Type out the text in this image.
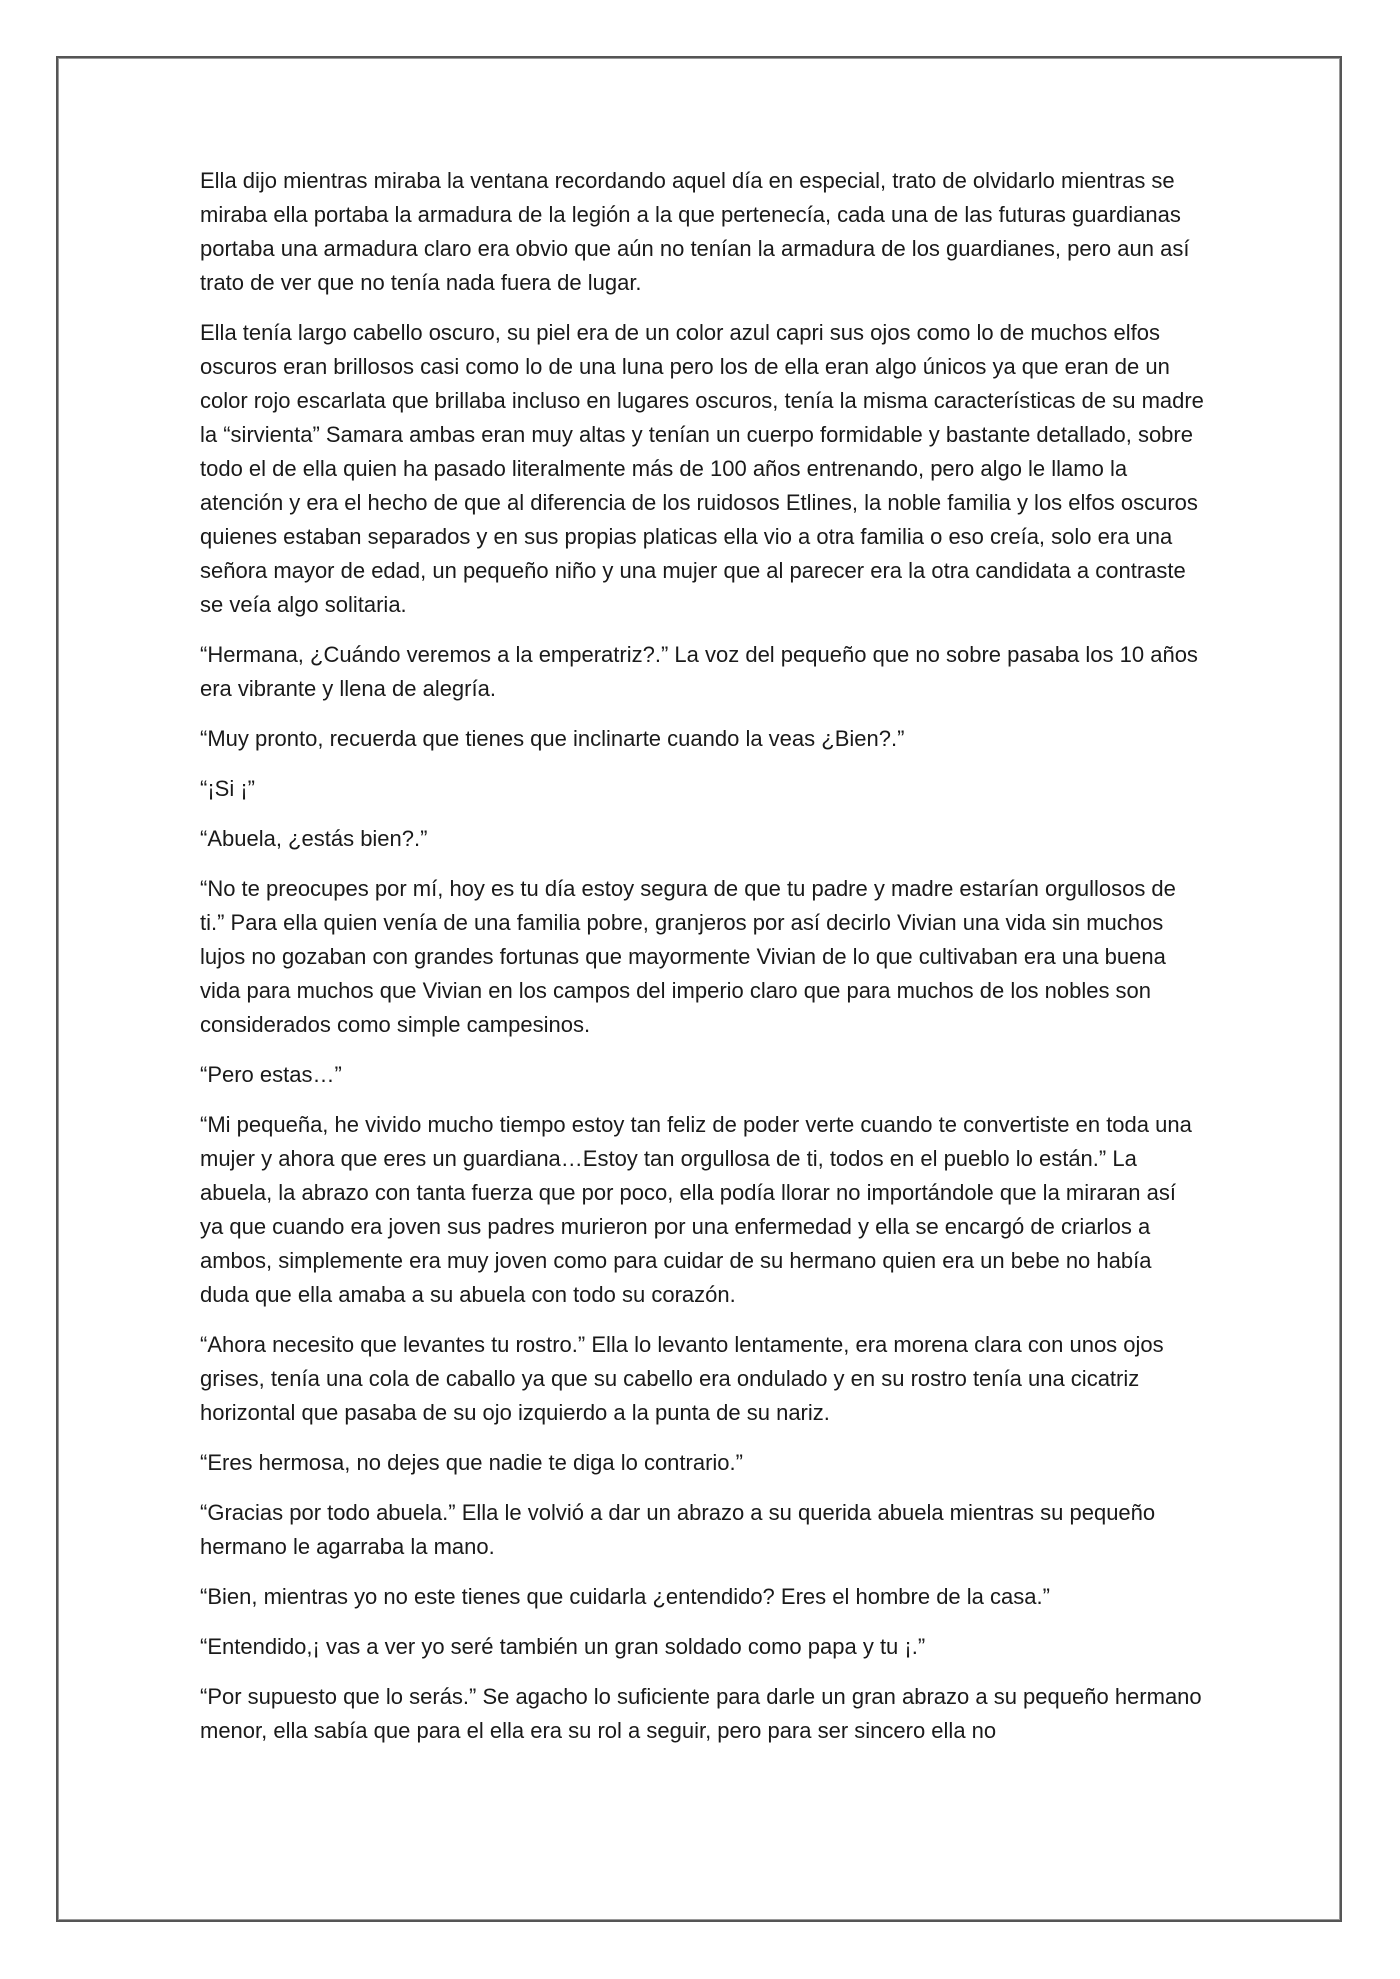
Ella dijo mientras miraba la ventana recordando aquel día en especial, trato de olvidarlo mientras se miraba ella portaba la armadura de la legión a la que pertenecía, cada una de las futuras guardianas portaba una armadura claro era obvio que aún no tenían la armadura de los guardianes, pero aun así trato de ver que no tenía nada fuera de lugar.

Ella tenía largo cabello oscuro, su piel era de un color azul capri sus ojos como lo de muchos elfos oscuros eran brillosos casi como lo de una luna pero los de ella eran algo únicos ya que eran de un color rojo escarlata que brillaba incluso en lugares oscuros, tenía la misma características de su madre la “sirvienta” Samara ambas eran muy altas y tenían un cuerpo formidable y bastante detallado, sobre todo el de ella quien ha pasado literalmente más de 100 años entrenando, pero algo le llamo la atención y era el hecho de que al diferencia de los ruidosos Etlines, la noble familia y los elfos oscuros quienes estaban separados y en sus propias platicas ella vio a otra familia o eso creía, solo era una señora mayor de edad, un pequeño niño y una mujer que al parecer era la otra candidata a contraste se veía algo solitaria.

“Hermana, ¿Cuándo veremos a la emperatriz?.” La voz del pequeño que no sobre pasaba los 10 años era vibrante y llena de alegría.

“Muy pronto, recuerda que tienes que inclinarte cuando la veas ¿Bien?.”

“¡Si ¡”

“Abuela, ¿estás bien?.”

“No te preocupes por mí, hoy es tu día estoy segura de que tu padre y madre estarían orgullosos de ti.” Para ella quien venía de una familia pobre, granjeros por así decirlo Vivian una vida sin muchos lujos no gozaban con grandes fortunas que mayormente Vivian de lo que cultivaban era una buena vida para muchos que Vivian en los campos del imperio claro que para muchos de los nobles son considerados como simple campesinos.

“Pero estas…”

“Mi pequeña, he vivido mucho tiempo estoy tan feliz de poder verte cuando te convertiste en toda una mujer y ahora que eres un guardiana…Estoy tan orgullosa de ti, todos en el pueblo lo están.” La abuela, la abrazo con tanta fuerza que por poco, ella podía llorar no importándole que la miraran así ya que cuando era joven sus padres murieron por una enfermedad y ella se encargó de criarlos a ambos, simplemente era muy joven como para cuidar de su hermano quien era un bebe no había duda que ella amaba a su abuela con todo su corazón.

“Ahora necesito que levantes tu rostro.” Ella lo levanto lentamente, era morena clara con unos ojos grises, tenía una cola de caballo ya que su cabello era ondulado y en su rostro tenía una cicatriz horizontal que pasaba de su ojo izquierdo a la punta de su nariz.

“Eres hermosa, no dejes que nadie te diga lo contrario.”

“Gracias por todo abuela.” Ella le volvió a dar un abrazo a su querida abuela mientras su pequeño hermano le agarraba la mano.

“Bien, mientras yo no este tienes que cuidarla ¿entendido? Eres el hombre de la casa.”

“Entendido,¡ vas a ver yo seré también un gran soldado como papa y tu ¡.”

“Por supuesto que lo serás.” Se agacho lo suficiente para darle un gran abrazo a su pequeño hermano menor, ella sabía que para el ella era su rol a seguir, pero para ser sincero ella no
